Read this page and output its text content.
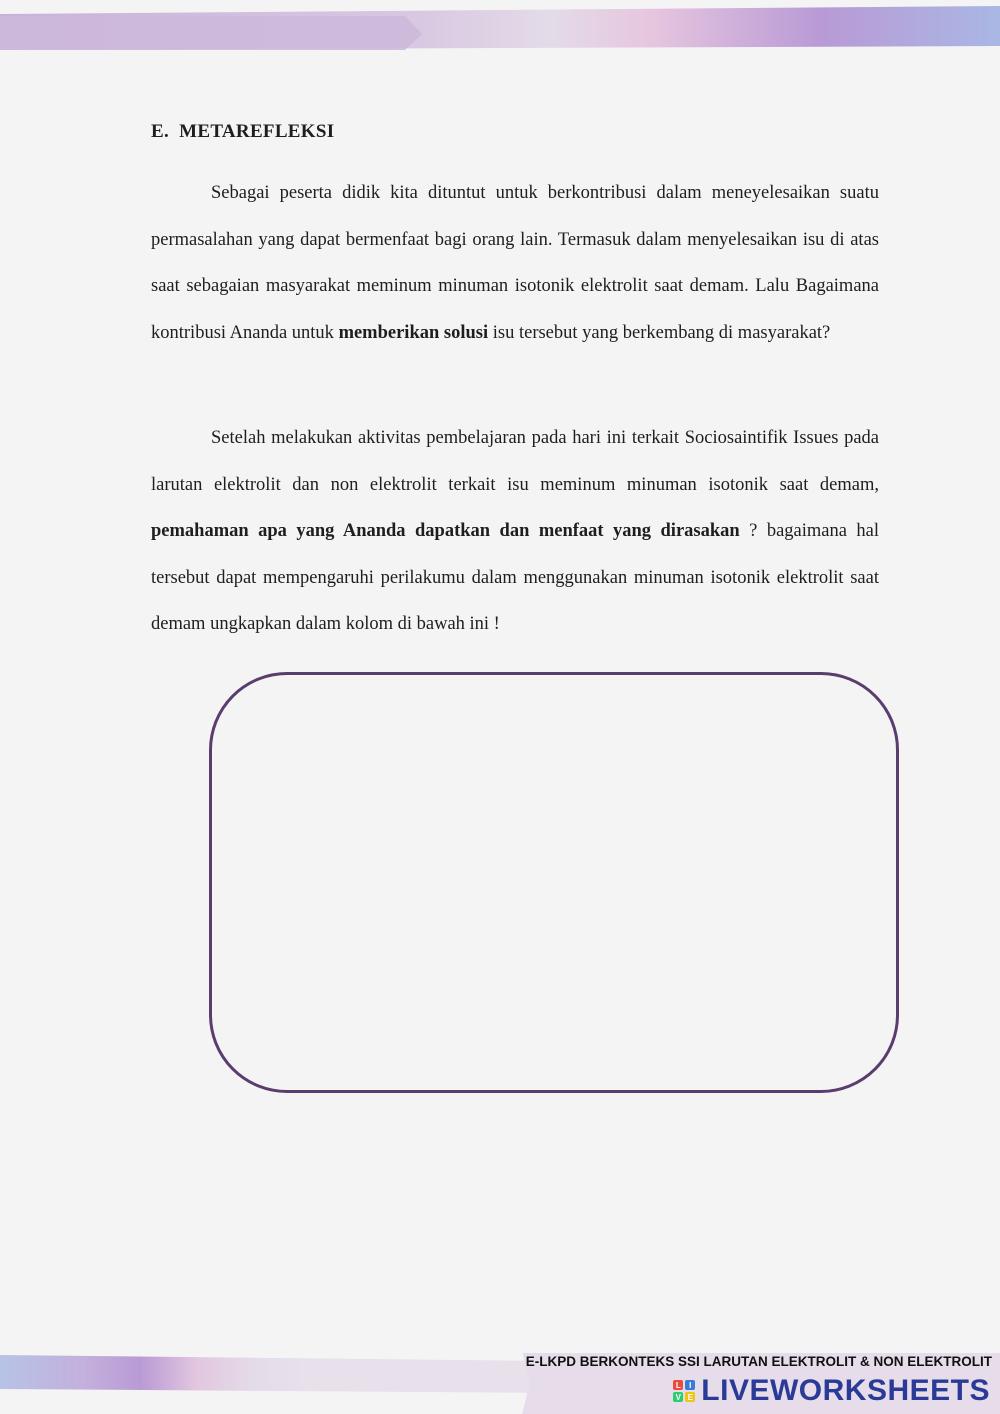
E. METAREFLEKSI

Sebagai peserta didik kita dituntut untuk berkontribusi dalam meneyelesaikan suatu permasalahan yang dapat bermenfaat bagi orang lain. Termasuk dalam menyelesaikan isu di atas saat sebagaian masyarakat meminum minuman isotonik elektrolit saat demam. Lalu Bagaimana kontribusi Ananda untuk memberikan solusi isu tersebut yang berkembang di masyarakat?

Setelah melakukan aktivitas pembelajaran pada hari ini terkait Sociosaintifik Issues pada larutan elektrolit dan non elektrolit terkait isu meminum minuman isotonik saat demam, pemahaman apa yang Ananda dapatkan dan menfaat yang dirasakan ? bagaimana hal tersebut dapat mempengaruhi perilakumu dalam menggunakan minuman isotonik elektrolit saat demam ungkapkan dalam kolom di bawah ini !

E-LKPD BERKONTEKS SSI LARUTAN ELEKTROLIT & NON ELEKTROLIT
L	I
V E LIVEWORKSHEETS
